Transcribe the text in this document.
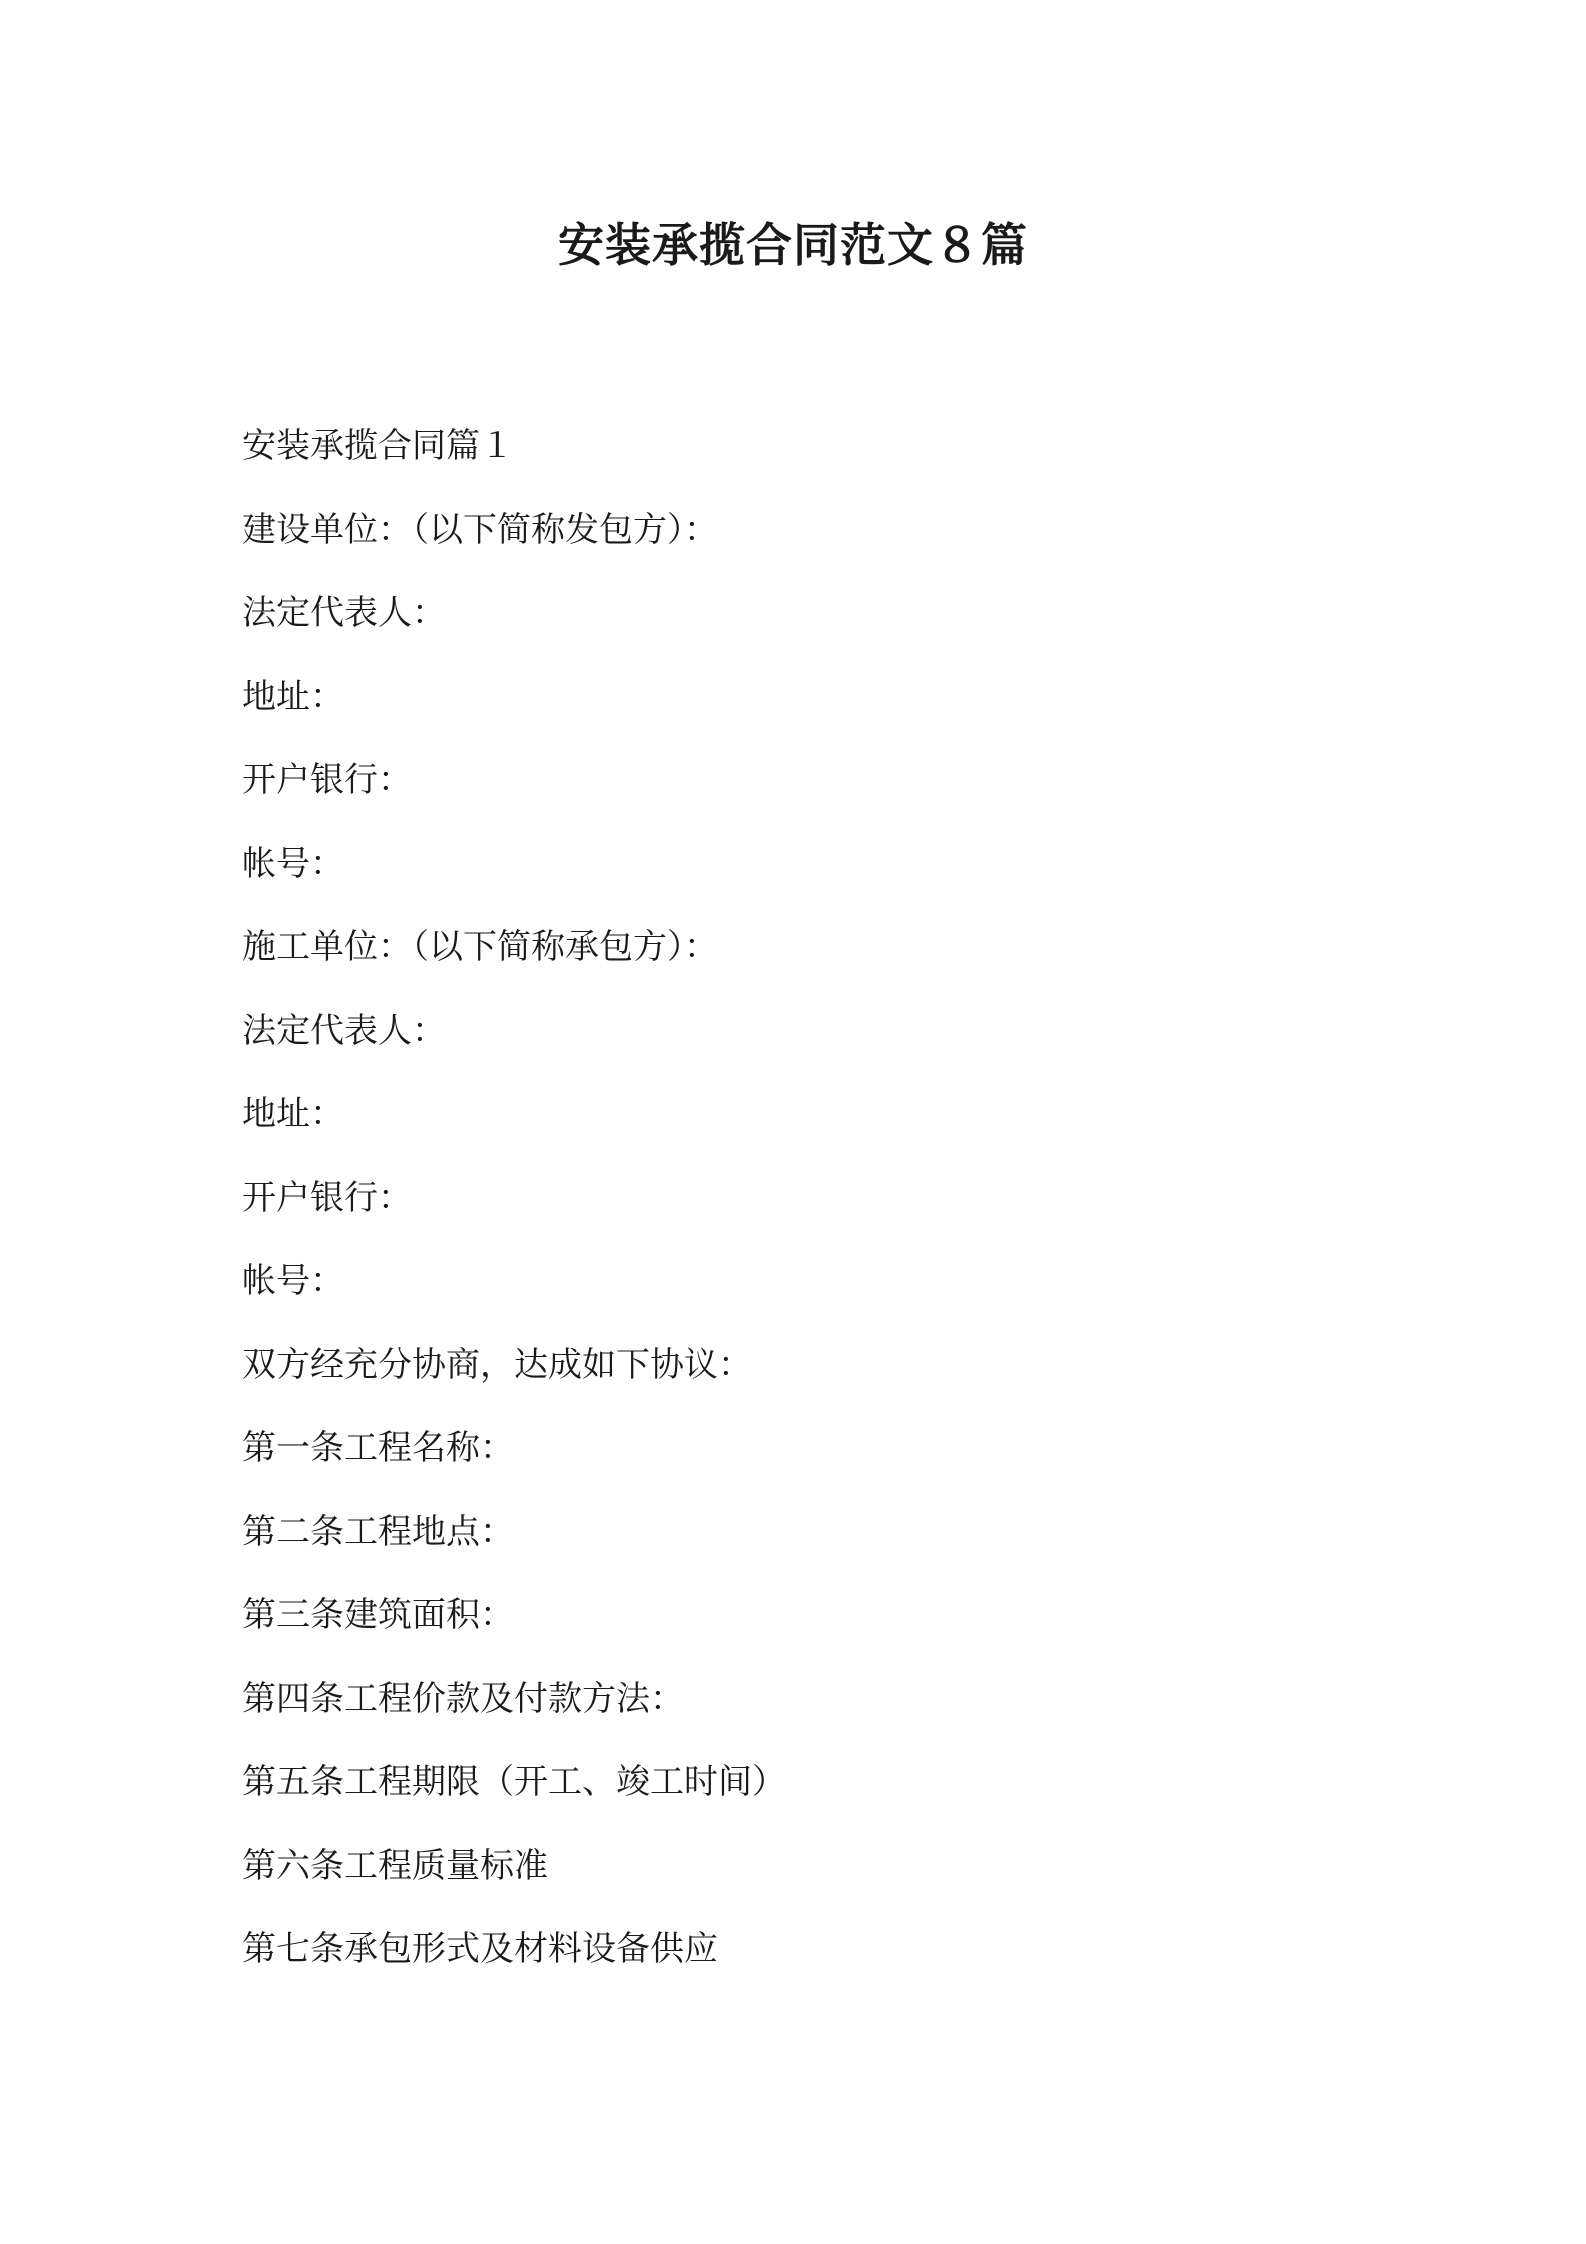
安装承揽合同范文８篇
安装承揽合同篇１
建设单位：（以下简称发包方）：
法定代表人：
地址：
开户银行：
帐号：
施工单位：（以下简称承包方）：
法定代表人：
地址：
开户银行：
帐号：
双方经充分协商，达成如下协议：
第一条工程名称：
第二条工程地点：
第三条建筑面积：
第四条工程价款及付款方法：
第五条工程期限（开工、竣工时间）
第六条工程质量标准
第七条承包形式及材料设备供应
